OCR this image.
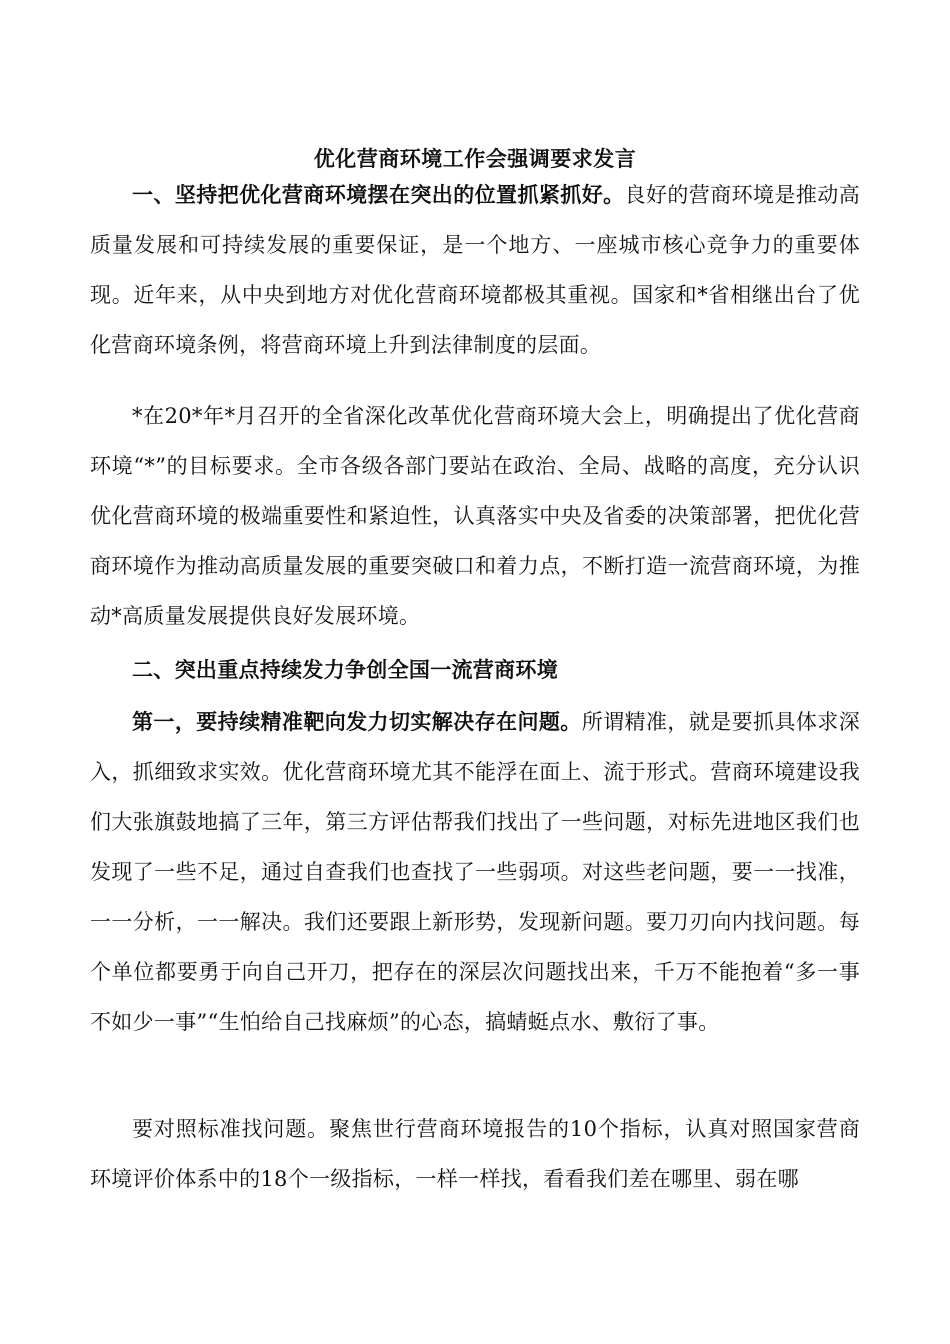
优化营商环境工作会强调要求发言
一、坚持把优化营商环境摆在突出的位置抓紧抓好。良好的营商环境是推动高质量发展和可持续发展的重要保证，是一个地方、一座城市核心竞争力的重要体现。近年来，从中央到地方对优化营商环境都极其重视。国家和*省相继出台了优化营商环境条例，将营商环境上升到法律制度的层面。
*在20*年*月召开的全省深化改革优化营商环境大会上，明确提出了优化营商环境“*”的目标要求。全市各级各部门要站在政治、全局、战略的高度，充分认识优化营商环境的极端重要性和紧迫性，认真落实中央及省委的决策部署，把优化营商环境作为推动高质量发展的重要突破口和着力点，不断打造一流营商环境，为推动*高质量发展提供良好发展环境。
二、突出重点持续发力争创全国一流营商环境
第一，要持续精准靶向发力切实解决存在问题。所谓精准，就是要抓具体求深入，抓细致求实效。优化营商环境尤其不能浮在面上、流于形式。营商环境建设我们大张旗鼓地搞了三年，第三方评估帮我们找出了一些问题，对标先进地区我们也发现了一些不足，通过自查我们也查找了一些弱项。对这些老问题，要一一找准，一一分析，一一解决。我们还要跟上新形势，发现新问题。要刀刃向内找问题。每个单位都要勇于向自己开刀，把存在的深层次问题找出来，千万不能抱着“多一事不如少一事”“生怕给自己找麻烦”的心态，搞蜻蜓点水、敷衍了事。
要对照标准找问题。聚焦世行营商环境报告的10个指标，认真对照国家营商环境评价体系中的18个一级指标，一样一样找，看看我们差在哪里、弱在哪
